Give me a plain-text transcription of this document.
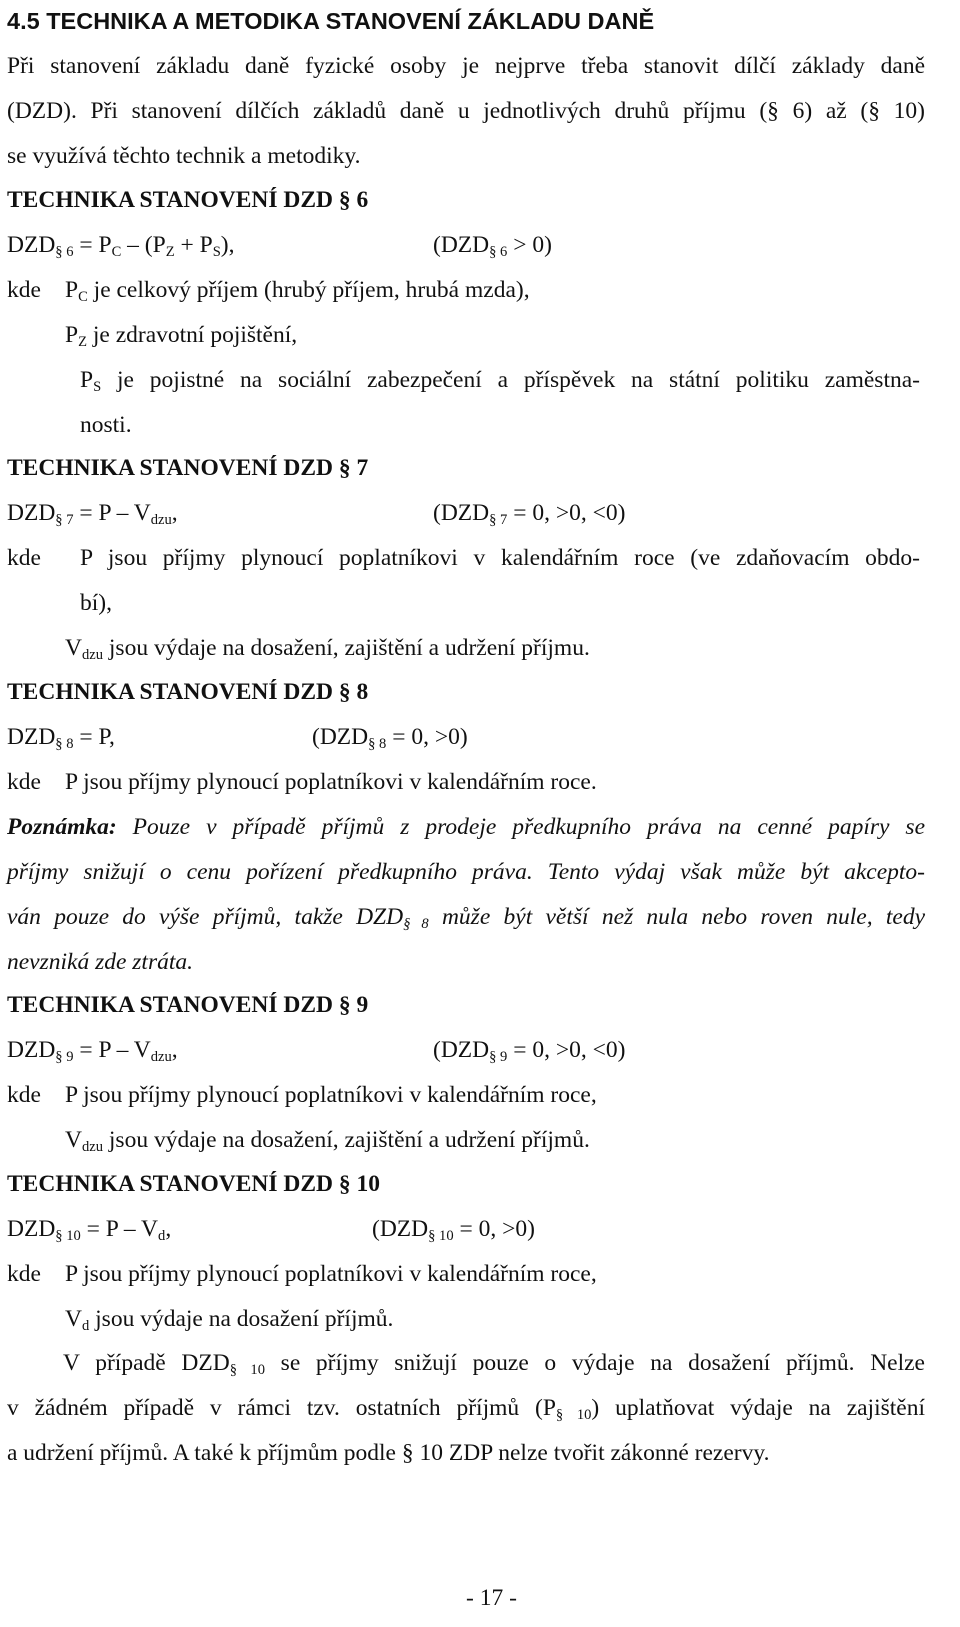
4.5 TECHNIKA A METODIKA STANOVENÍ ZÁKLADU DANĚ
Při stanovení základu daně fyzické osoby je nejprve třeba stanovit dílčí základy daně
(DZD). Při stanovení dílčích základů daně u jednotlivých druhů příjmu (§ 6) až (§ 10)
se využívá těchto technik a metodiky.
TECHNIKA STANOVENÍ DZD § 6
$DZD_{\S 6} = P_C - (P_Z + P_S)$,	$(DZD_{\S 6} > 0)$
kde $P_C$ je celkový příjem (hrubý příjem, hrubá mzda),
$P_Z$ je zdravotní pojištění,
$P_S$ je pojistné na sociální zabezpečení a příspěvek na státní politiku zaměstna-
nosti.
TECHNIKA STANOVENÍ DZD § 7
$DZD_{\S 7} = P - V_{dzu}$,	($DZD_{\S 7} = 0$, >0, <0)
kde P jsou příjmy plynoucí poplatníkovi v kalendářním roce (ve zdaňovacím obdo-
bí),
$V_{dzu}$ jsou výdaje na dosažení, zajištění a udržení příjmu.
TECHNIKA STANOVENÍ DZD § 8
$DZD_{\S 8} = P$,	($DZD_{\S 8} = 0$, >0)
kde P jsou příjmy plynoucí poplatníkovi v kalendářním roce.
Poznámka: Pouze v případě příjmů z prodeje předkupního práva na cenné papíry se
příjmy snižují o cenu pořízení předkupního práva. Tento výdaj však může být akcepto-
ván pouze do výše příjmů, takže $DZD_{\S 8}$ může být větší než nula nebo roven nule, tedy
nevzniká zde ztráta.
TECHNIKA STANOVENÍ DZD § 9
$DZD_{\S 9} = P - V_{dzu}$,	($DZD_{\S 9} = 0$, >0, <0)
kde P jsou příjmy plynoucí poplatníkovi v kalendářním roce,
$V_{dzu}$ jsou výdaje na dosažení, zajištění a udržení příjmů.
TECHNIKA STANOVENÍ DZD § 10
$DZD_{\S 10} = P - V_d$,	($DZD_{\S 10} = 0$, >0)
kde P jsou příjmy plynoucí poplatníkovi v kalendářním roce,
$V_d$ jsou výdaje na dosažení příjmů.
V případě $DZD_{\S 10}$ se příjmy snižují pouze o výdaje na dosažení příjmů. Nelze
v žádném případě v rámci tzv. ostatních příjmů $(P_{\S 10})$ uplatňovat výdaje na zajištění
a udržení příjmů. A také k příjmům podle § 10 ZDP nelze tvořit zákonné rezervy.
- 17 -
